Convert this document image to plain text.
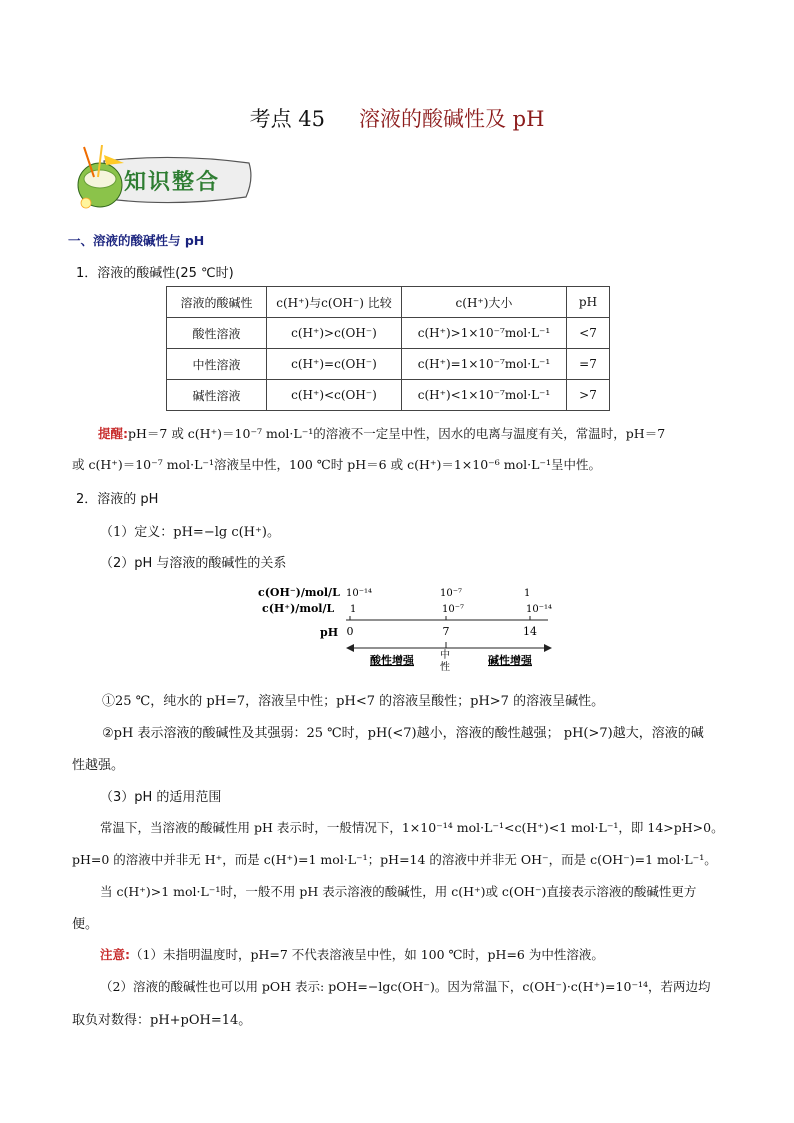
考点 45 溶液的酸碱性及 pH
知识整合
一、溶液的酸碱性与 pH
1．溶液的酸碱性(25 ℃时)
溶液的酸碱性	c(H⁺)与c(OH⁻) 比较	c(H⁺)大小	pH
酸性溶液	c(H⁺)>c(OH⁻)	c(H⁺)>1×10⁻⁷mol·L⁻¹	<7
中性溶液	c(H⁺)=c(OH⁻)	c(H⁺)=1×10⁻⁷mol·L⁻¹	=7
碱性溶液	c(H⁺)<c(OH⁻)	c(H⁺)<1×10⁻⁷mol·L⁻¹	>7
提醒:pH＝7 或 c(H⁺)＝10⁻⁷ mol·L⁻¹的溶液不一定呈中性，因水的电离与温度有关，常温时，pH＝7
或 c(H⁺)＝10⁻⁷ mol·L⁻¹溶液呈中性，100 ℃时 pH＝6 或 c(H⁺)＝1×10⁻⁶ mol·L⁻¹呈中性。
2．溶液的 pH
（1）定义：pH=−lg c(H⁺)。
（2）pH 与溶液的酸碱性的关系
c(OH⁻)/mol/L
c(H⁺)/mol/L
pH
10⁻¹⁴	10⁻⁷	1
1	10⁻⁷	10⁻¹⁴
0	7	14
酸性增强	中
性
碱性增强
①25 ℃，纯水的 pH=7，溶液呈中性；pH<7 的溶液呈酸性；pH>7 的溶液呈碱性。
②pH 表示溶液的酸碱性及其强弱：25 ℃时，pH(<7)越小，溶液的酸性越强； pH(>7)越大，溶液的碱
性越强。
（3）pH 的适用范围
常温下，当溶液的酸碱性用 pH 表示时，一般情况下，1×10⁻¹⁴ mol·L⁻¹<c(H⁺)<1 mol·L⁻¹，即 14>pH>0。
pH=0 的溶液中并非无 H⁺，而是 c(H⁺)=1 mol·L⁻¹；pH=14 的溶液中并非无 OH⁻，而是 c(OH⁻)=1 mol·L⁻¹。
当 c(H⁺)>1 mol·L⁻¹时，一般不用 pH 表示溶液的酸碱性，用 c(H⁺)或 c(OH⁻)直接表示溶液的酸碱性更方
便。
注意:（1）未指明温度时，pH=7 不代表溶液呈中性，如 100 ℃时，pH=6 为中性溶液。
（2）溶液的酸碱性也可以用 pOH 表示: pOH=−lgc(OH⁻)。因为常温下，c(OH⁻)·c(H⁺)=10⁻¹⁴，若两边均
取负对数得：pH+pOH=14。
